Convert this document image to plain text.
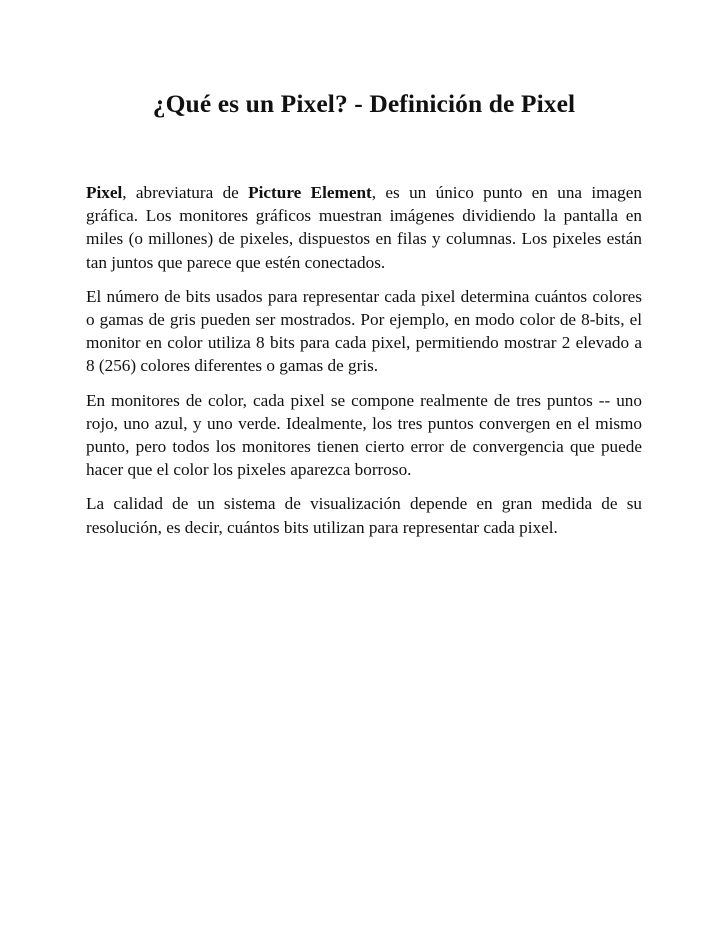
¿Qué es un Pixel? - Definición de Pixel

Pixel, abreviatura de Picture Element, es un único punto en una imagen gráfica. Los monitores gráficos muestran imágenes dividiendo la pantalla en miles (o millones) de pixeles, dispuestos en filas y columnas. Los pixeles están tan juntos que parece que estén conectados.

El número de bits usados para representar cada pixel determina cuántos colores o gamas de gris pueden ser mostrados. Por ejemplo, en modo color de 8-bits, el monitor en color utiliza 8 bits para cada pixel, permitiendo mostrar 2 elevado a 8 (256) colores diferentes o gamas de gris.

En monitores de color, cada pixel se compone realmente de tres puntos -- uno rojo, uno azul, y uno verde. Idealmente, los tres puntos convergen en el mismo punto, pero todos los monitores tienen cierto error de convergencia que puede hacer que el color los pixeles aparezca borroso.

La calidad de un sistema de visualización depende en gran medida de su resolución, es decir, cuántos bits utilizan para representar cada pixel.
